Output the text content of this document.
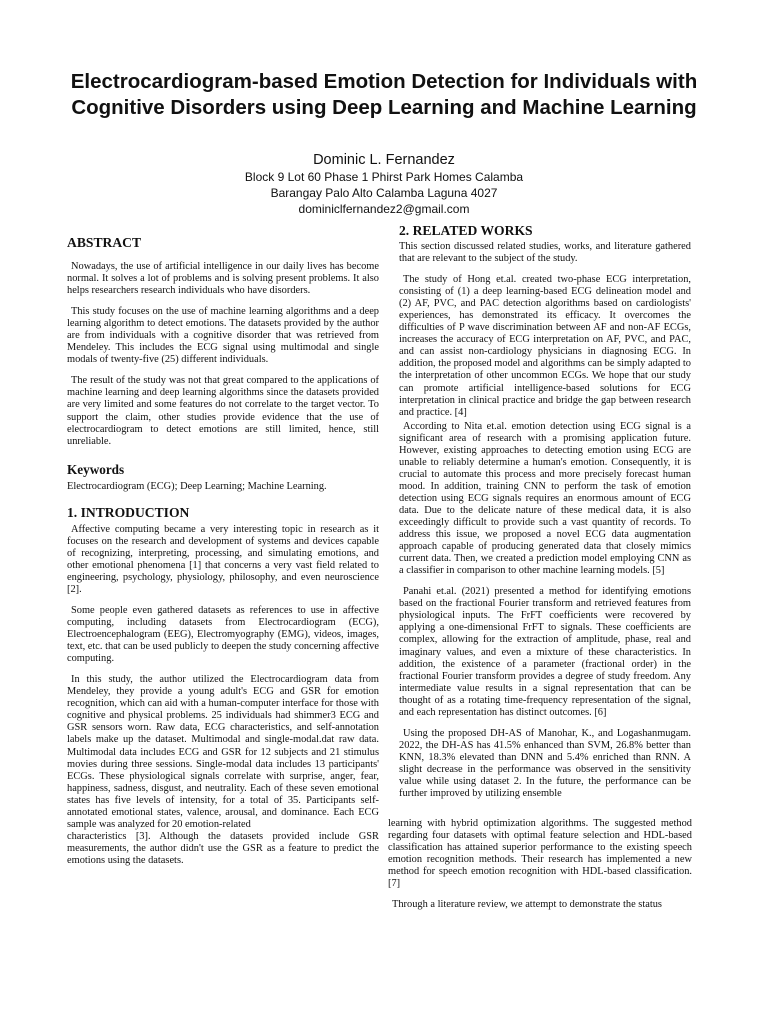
Electrocardiogram-based Emotion Detection for Individuals with Cognitive Disorders using Deep Learning and Machine Learning

Dominic L. Fernandez

Block 9 Lot 60 Phase 1 Phirst Park Homes Calamba

Barangay Palo Alto Calamba Laguna 4027

dominiclfernandez2@gmail.com

ABSTRACT

Nowadays, the use of artificial intelligence in our daily lives has become normal. It solves a lot of problems and is solving present problems. It also helps researchers research individuals who have disorders.

This study focuses on the use of machine learning algorithms and a deep learning algorithm to detect emotions. The datasets provided by the author are from individuals with a cognitive disorder that was retrieved from Mendeley. This includes the ECG signal using multimodal and single modals of twenty-five (25) different individuals.

The result of the study was not that great compared to the applications of machine learning and deep learning algorithms since the datasets provided are very limited and some features do not correlate to the target vector. To support the claim, other studies provide evidence that the use of electrocardiogram to detect emotions are still limited, hence, still unreliable.

Keywords

Electrocardiogram (ECG); Deep Learning; Machine Learning.

1. INTRODUCTION

Affective computing became a very interesting topic in research as it focuses on the research and development of systems and devices capable of recognizing, interpreting, processing, and simulating emotions, and other emotional phenomena [1] that concerns a very vast field related to engineering, psychology, physiology, philosophy, and even neuroscience [2].

Some people even gathered datasets as references to use in affective computing, including datasets from Electrocardiogram (ECG), Electroencephalogram (EEG), Electromyography (EMG), videos, images, text, etc. that can be used publicly to deepen the study concerning affective computing.

In this study, the author utilized the Electrocardiogram data from Mendeley, they provide a young adult's ECG and GSR for emotion recognition, which can aid with a human-computer interface for those with cognitive and physical problems. 25 individuals had shimmer3 ECG and GSR sensors worn. Raw data, ECG characteristics, and self-annotation labels make up the dataset. Multimodal and single-modal.dat raw data. Multimodal data includes ECG and GSR for 12 subjects and 21 stimulus movies during three sessions. Single-modal data includes 13 participants' ECGs. These physiological signals correlate with surprise, anger, fear, happiness, sadness, disgust, and neutrality. Each of these seven emotional states has five levels of intensity, for a total of 35. Participants self-annotated emotional states, valence, arousal, and dominance. Each ECG sample was analyzed for 20 emotion-related

characteristics [3]. Although the datasets provided include GSR measurements, the author didn't use the GSR as a feature to predict the emotions using the datasets.

2. RELATED WORKS

This section discussed related studies, works, and literature gathered that are relevant to the subject of the study.

The study of Hong et.al. created two-phase ECG interpretation, consisting of (1) a deep learning-based ECG delineation model and (2) AF, PVC, and PAC detection algorithms based on cardiologists' experiences, has demonstrated its efficacy. It overcomes the difficulties of P wave discrimination between AF and non-AF ECGs, increases the accuracy of ECG interpretation on AF, PVC, and PAC, and can assist non-cardiology physicians in diagnosing ECG. In addition, the proposed model and algorithms can be simply adapted to the interpretation of other uncommon ECGs. We hope that our study can promote artificial intelligence-based solutions for ECG interpretation in clinical practice and bridge the gap between research and practice. [4]

According to Nita et.al. emotion detection using ECG signal is a significant area of research with a promising application future. However, existing approaches to detecting emotion using ECG are unable to reliably determine a human's emotion. Consequently, it is crucial to automate this process and more precisely forecast human mood. In addition, training CNN to perform the task of emotion detection using ECG signals requires an enormous amount of ECG data. Due to the delicate nature of these medical data, it is also exceedingly difficult to provide such a vast quantity of records. To address this issue, we proposed a novel ECG data augmentation approach capable of producing generated data that closely mimics current data. Then, we created a prediction model employing CNN as a classifier in comparison to other machine learning models. [5]

Panahi et.al. (2021) presented a method for identifying emotions based on the fractional Fourier transform and retrieved features from physiological inputs. The FrFT coefficients were recovered by applying a one-dimensional FrFT to signals. These coefficients are complex, allowing for the extraction of amplitude, phase, real and imaginary values, and even a mixture of these characteristics. In addition, the existence of a parameter (fractional order) in the fractional Fourier transform provides a degree of study freedom. Any intermediate value results in a signal representation that can be thought of as a rotating time-frequency representation of the signal, and each representation has distinct outcomes. [6]

Using the proposed DH-AS of Manohar, K., and Logashanmugam. 2022, the DH-AS has 41.5% enhanced than SVM, 26.8% better than KNN, 18.3% elevated than DNN and 5.4% enriched than RNN. A slight decrease in the performance was observed in the sensitivity value while using dataset 2. In the future, the performance can be further improved by utilizing ensemble

learning with hybrid optimization algorithms. The suggested method regarding four datasets with optimal feature selection and HDL-based classification has attained superior performance to the existing speech emotion recognition methods. Their research has implemented a new method for speech emotion recognition with HDL-based classification. [7]

Through a literature review, we attempt to demonstrate the status
